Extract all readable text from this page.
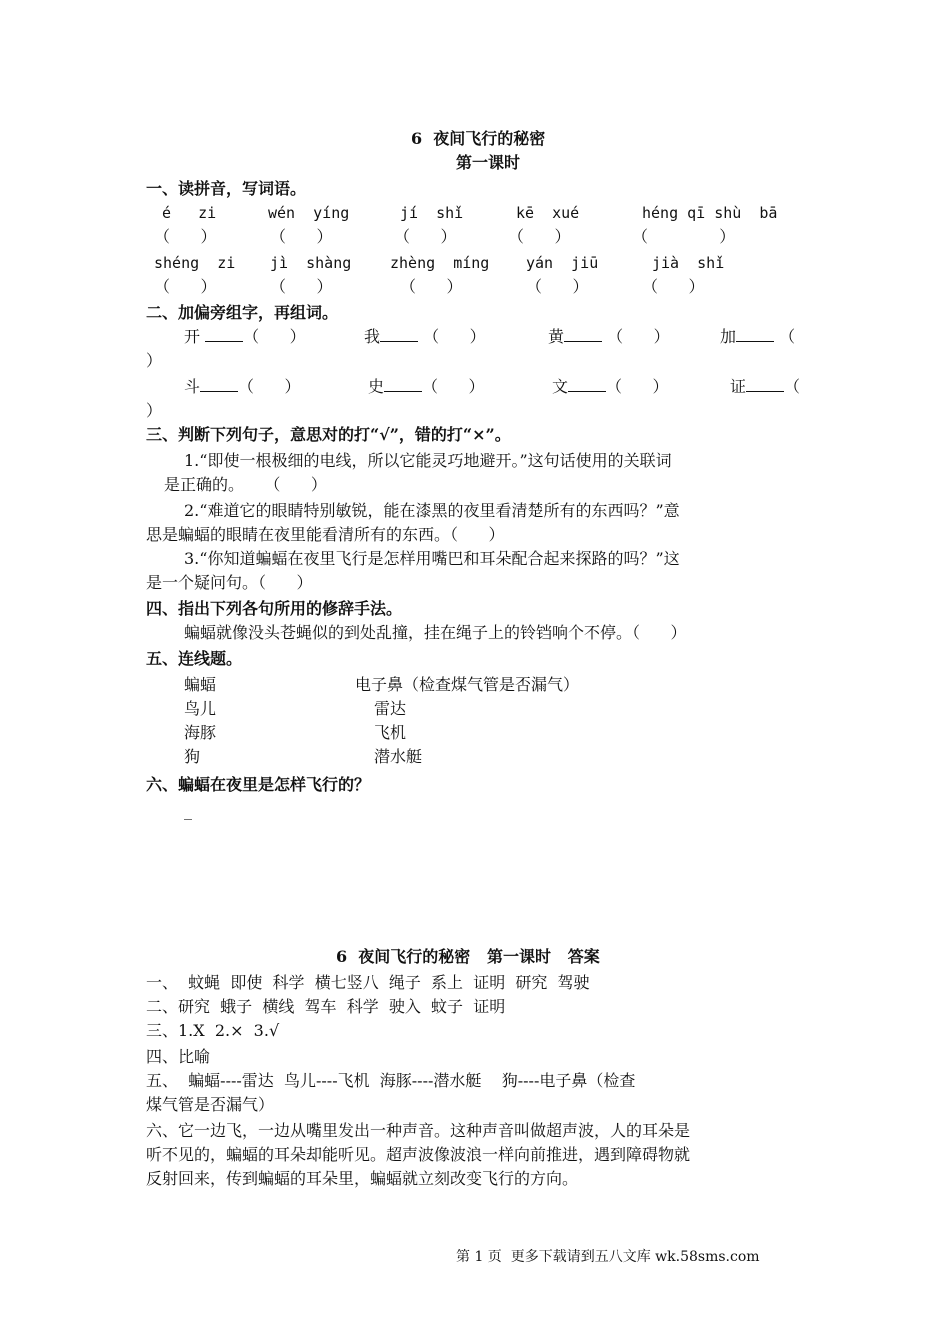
6  夜间飞行的秘密
第一课时
一、读拼音，写词语。
é   zi	wén  yíng	jí  shǐ	kē  xué	héng qī shù  bā
（      ）	（      ）	（      ）	（      ）	（              ）
shéng  zi jì  shàng	zhèng  míng yán  jiū	jià  shǐ
（      ）	（      ）	（      ）	（      ）	（      ）
二、加偏旁组字，再组词。
开	（      ）	我 （      ）	黄 （      ）	加 （
）
斗 （      ）	史 （      ）	文 （      ）	证 （
）
三、判断下列句子，意思对的打“√”，错的打“×”。
1.“即使一根极细的电线，所以它能灵巧地避开。”这句话使用的关联词
是正确的。    （      ）
2.“难道它的眼睛特别敏锐，能在漆黑的夜里看清楚所有的东西吗？”意
思是蝙蝠的眼睛在夜里能看清所有的东西。（      ）
3.“你知道蝙蝠在夜里飞行是怎样用嘴巴和耳朵配合起来探路的吗？”这
是一个疑问句。（      ）
四、指出下列各句所用的修辞手法。
蝙蝠就像没头苍蝇似的到处乱撞，挂在绳子上的铃铛响个不停。（      ）
五、连线题。
蝙蝠	电子鼻（检查煤气管是否漏气）
鸟儿	雷达
海豚	飞机
狗	潜水艇
六、蝙蝠在夜里是怎样飞行的？
_
6  夜间飞行的秘密   第一课时   答案
一、  蚊蝇  即使  科学  横七竖八  绳子  系上  证明  研究  驾驶
二、研究  蛾子  横线  驾车  科学  驶入  蚊子  证明
三、1.X  2.×  3.√
四、比喻
五、  蝙蝠----雷达  鸟儿----飞机  海豚----潜水艇    狗----电子鼻（检查
煤气管是否漏气）
六、它一边飞，一边从嘴里发出一种声音。这种声音叫做超声波，人的耳朵是
听不见的，蝙蝠的耳朵却能听见。超声波像波浪一样向前推进，遇到障碍物就
反射回来，传到蝙蝠的耳朵里，蝙蝠就立刻改变飞行的方向。
第 1 页  更多下载请到五八文库 wk.58sms.com
